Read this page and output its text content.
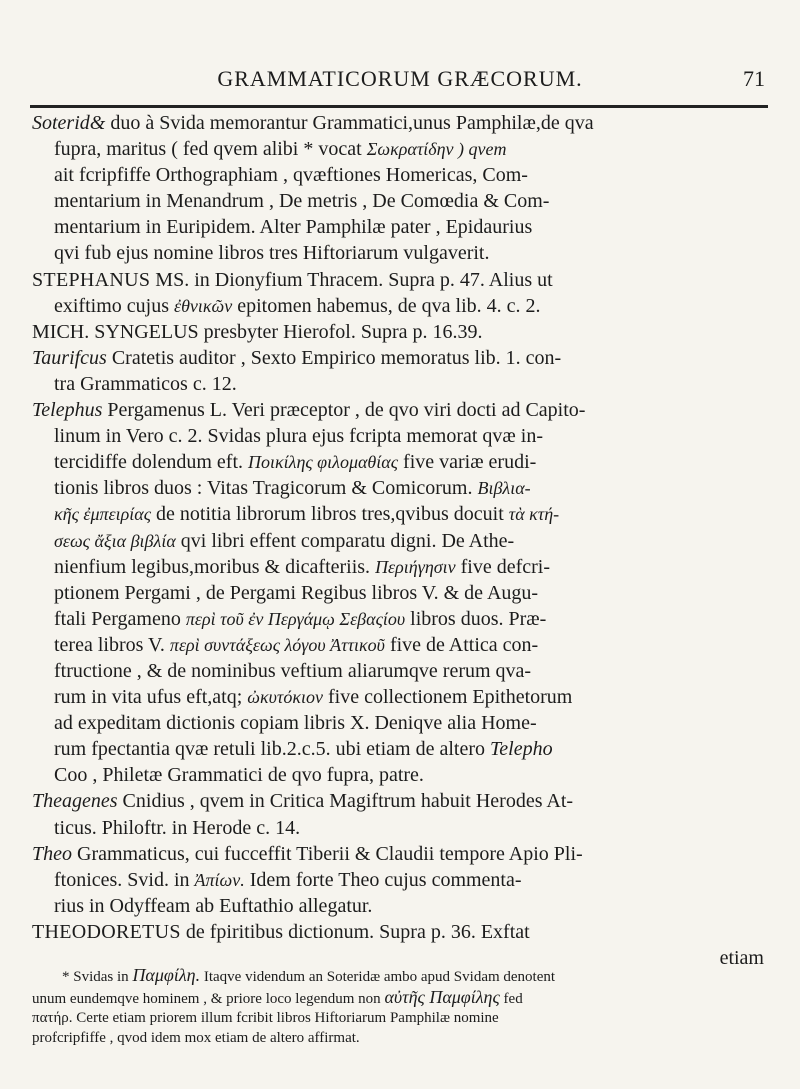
GRAMMATICORUM GRÆCORUM.	71
Soterid& duo à Svida memorantur Grammatici,unus Pamphilæ,de qva
fupra, maritus ( fed qvem alibi * vocat Σωκρατίδην ) qvem
ait fcripfiffe Orthographiam , qvæftiones Homericas, Com-
mentarium in Menandrum , De metris , De Comœdia & Com-
mentarium in Euripidem. Alter Pamphilæ pater , Epidaurius
qvi fub ejus nomine libros tres Hiftoriarum vulgaverit.
STEPHANUS MS. in Dionyfium Thracem. Supra p. 47. Alius ut
exiftimo cujus ἐθνικῶν epitomen habemus, de qva lib. 4. c. 2.
MICH. SYNGELUS presbyter Hierofol. Supra p. 16.39.
Taurifcus Cratetis auditor , Sexto Empirico memoratus lib. 1. con-
tra Grammaticos c. 12.
Telephus Pergamenus L. Veri præceptor , de qvo viri docti ad Capito-
linum in Vero c. 2. Svidas plura ejus fcripta memorat qvæ in-
tercidiffe dolendum eft. Ποικίλης φιλομαθίας five variæ erudi-
tionis libros duos : Vitas Tragicorum & Comicorum. Βιβλια-
κῆς ἐμπειρίας de notitia librorum libros tres,qvibus docuit τὰ κτή-
σεως ἄξια βιβλία qvi libri effent comparatu digni. De Athe-
nienfium legibus,moribus & dicafteriis. Περιήγησιν five defcri-
ptionem Pergami , de Pergami Regibus libros V. & de Augu-
ftali Pergameno περὶ τοῦ ἐν Περγάμῳ Σεβαςίου libros duos. Præ-
terea libros V. περὶ συντάξεως λόγου Ἀττικοῦ five de Attica con-
ftructione , & de nominibus veftium aliarumqve rerum qva-
rum in vita ufus eft,atq; ὠκυτόκιον five collectionem Epithetorum
ad expeditam dictionis copiam libris X. Deniqve alia Home-
rum fpectantia qvæ retuli lib.2.c.5. ubi etiam de altero Telepho
Coo , Philetæ Grammatici de qvo fupra, patre.
Theagenes Cnidius , qvem in Critica Magiftrum habuit Herodes At-
ticus. Philoftr. in Herode c. 14.
Theo Grammaticus, cui fucceffit Tiberii & Claudii tempore Apio Pli-
ftonices. Svid. in Ἀπίων. Idem forte Theo cujus commenta-
rius in Odyffeam ab Euftathio allegatur.
THEODORETUS de fpiritibus dictionum. Supra p. 36. Exftat
etiam
* Svidas in Παμφίλη. Itaqve videndum an Soteridæ ambo apud Svidam denotent
unum eundemqve hominem , & priore loco legendum non αὐτῆς Παμφίλης fed
πατήρ. Certe etiam priorem illum fcribit libros Hiftoriarum Pamphilæ nomine
profcripfiffe , qvod idem mox etiam de altero affirmat.
